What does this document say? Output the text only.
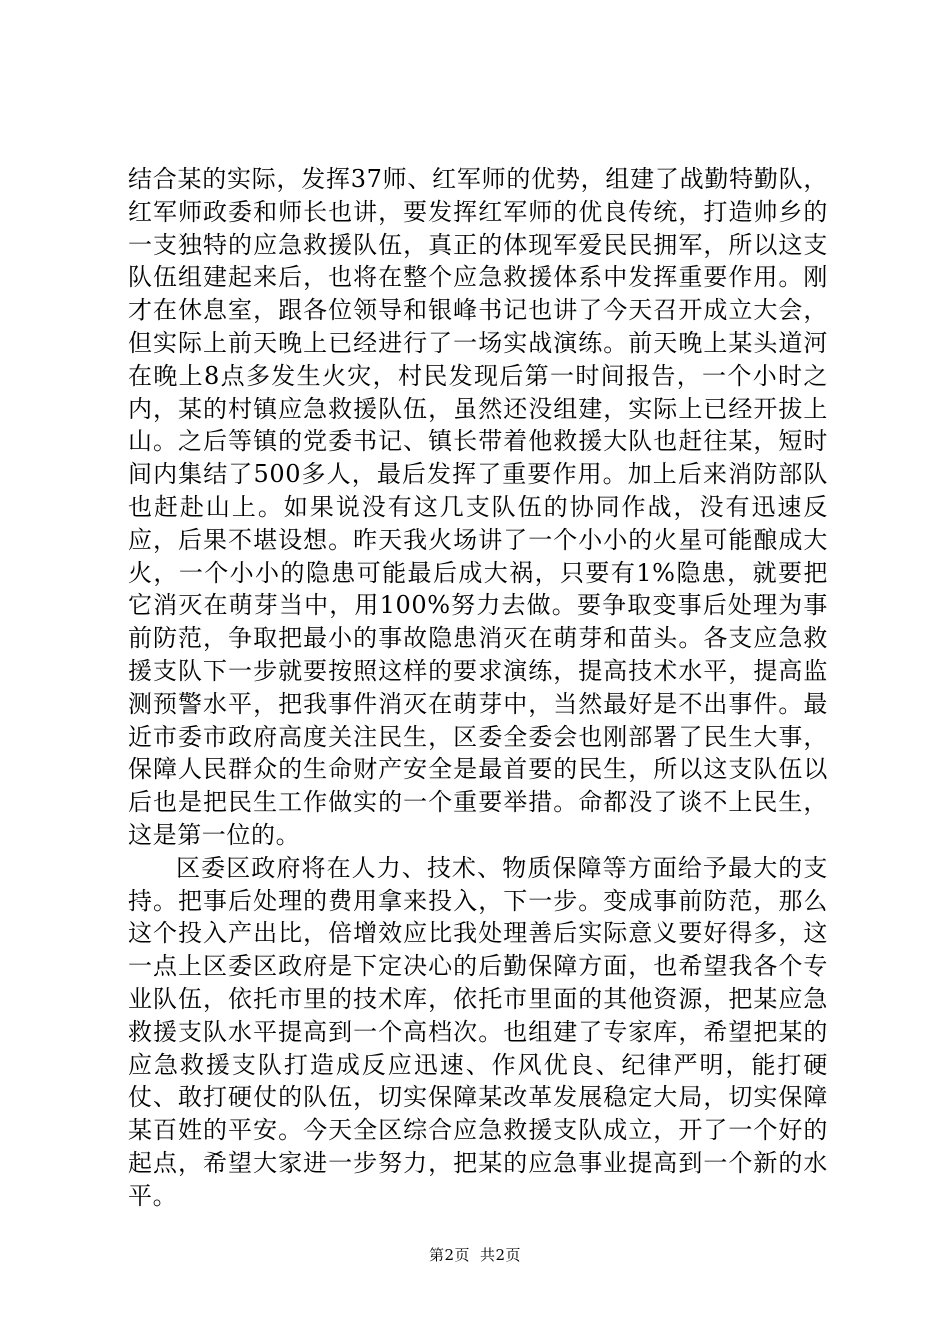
结合某的实际，发挥37师、红军师的优势，组建了战勤特勤队，红军师政委和师长也讲，要发挥红军师的优良传统，打造帅乡的一支独特的应急救援队伍，真正的体现军爱民民拥军，所以这支队伍组建起来后，也将在整个应急救援体系中发挥重要作用。刚才在休息室，跟各位领导和银峰书记也讲了今天召开成立大会，但实际上前天晚上已经进行了一场实战演练。前天晚上某头道河在晚上8点多发生火灾，村民发现后第一时间报告，一个小时之内，某的村镇应急救援队伍，虽然还没组建，实际上已经开拔上山。之后等镇的党委书记、镇长带着他救援大队也赶往某，短时间内集结了500多人，最后发挥了重要作用。加上后来消防部队也赶赴山上。如果说没有这几支队伍的协同作战，没有迅速反应，后果不堪设想。昨天我火场讲了一个小小的火星可能酿成大火，一个小小的隐患可能最后成大祸，只要有1%隐患，就要把它消灭在萌芽当中，用100%努力去做。要争取变事后处理为事前防范，争取把最小的事故隐患消灭在萌芽和苗头。各支应急救援支队下一步就要按照这样的要求演练，提高技术水平，提高监测预警水平，把我事件消灭在萌芽中，当然最好是不出事件。最近市委市政府高度关注民生，区委全委会也刚部署了民生大事，保障人民群众的生命财产安全是最首要的民生，所以这支队伍以后也是把民生工作做实的一个重要举措。命都没了谈不上民生，这是第一位的。

区委区政府将在人力、技术、物质保障等方面给予最大的支持。把事后处理的费用拿来投入，下一步。变成事前防范，那么这个投入产出比，倍增效应比我处理善后实际意义要好得多，这一点上区委区政府是下定决心的后勤保障方面，也希望我各个专业队伍，依托市里的技术库，依托市里面的其他资源，把某应急救援支队水平提高到一个高档次。也组建了专家库，希望把某的应急救援支队打造成反应迅速、作风优良、纪律严明，能打硬仗、敢打硬仗的队伍，切实保障某改革发展稳定大局，切实保障某百姓的平安。今天全区综合应急救援支队成立，开了一个好的起点，希望大家进一步努力，把某的应急事业提高到一个新的水平。

第2页 共2页
